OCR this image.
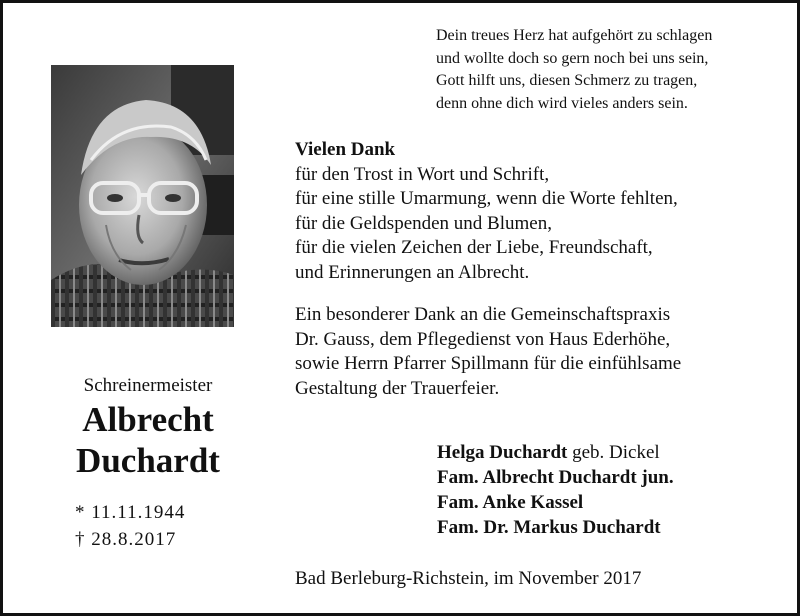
Dein treues Herz hat aufgehört zu schlagen
und wollte doch so gern noch bei uns sein,
Gott hilft uns, diesen Schmerz zu tragen,
denn ohne dich wird vieles anders sein.
Schreinermeister
Albrecht
Duchardt
* 11.11.1944
† 28.8.2017
Vielen Dank
für den Trost in Wort und Schrift,
für eine stille Umarmung, wenn die Worte fehlten,
für die Geldspenden und Blumen,
für die vielen Zeichen der Liebe, Freundschaft,
und Erinnerungen an Albrecht.
Ein besonderer Dank an die Gemeinschaftspraxis
Dr. Gauss, dem Pflegedienst von Haus Ederhöhe,
sowie Herrn Pfarrer Spillmann für die einfühlsame
Gestaltung der Trauerfeier.
Helga Duchardt geb. Dickel
Fam. Albrecht Duchardt jun.
Fam. Anke Kassel
Fam. Dr. Markus Duchardt
Bad Berleburg-Richstein, im November 2017
